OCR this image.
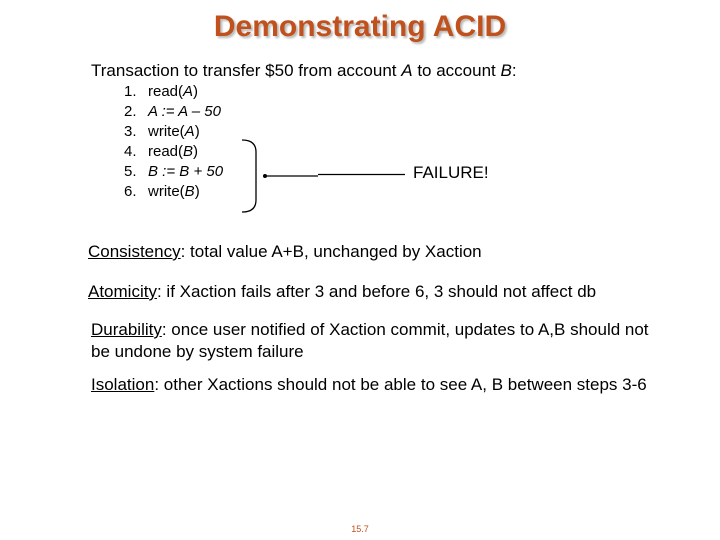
Demonstrating ACID
Transaction to transfer $50 from account A to account B:
1. read(A)
2. A := A – 50
3. write(A)
4. read(B)
5. B := B + 50
6. write(B)
FAILURE!
Consistency: total value A+B, unchanged by Xaction
Atomicity: if Xaction fails after 3 and before 6, 3 should not affect db
Durability: once user notified of Xaction commit, updates to A,B should not be undone by system failure
Isolation: other Xactions should not be able to see A, B between steps 3-6
15.7
